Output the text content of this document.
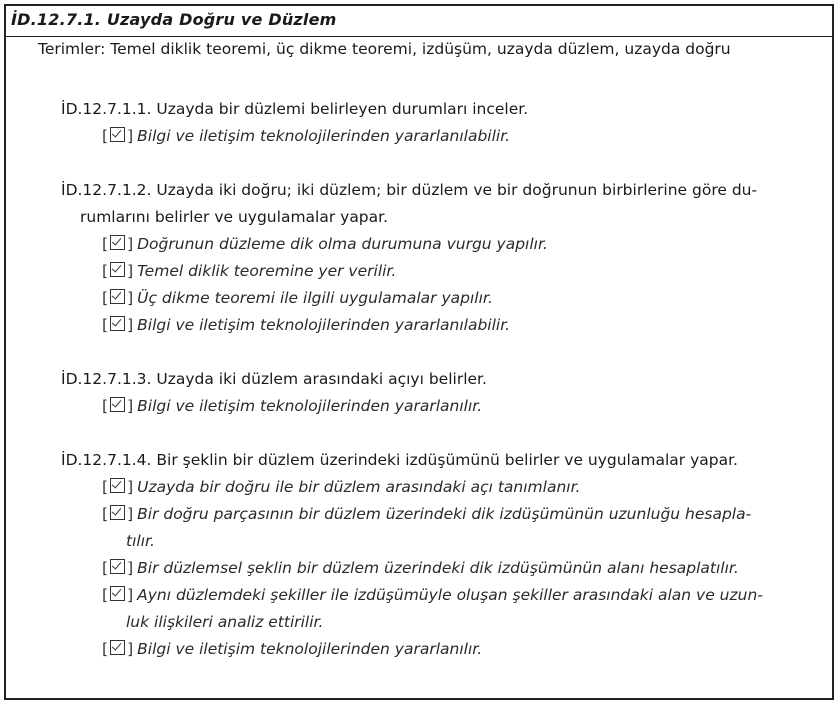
İD.12.7.1. Uzayda Doğru ve Düzlem
Terimler: Temel diklik teoremi, üç dikme teoremi, izdüşüm, uzayda düzlem, uzayda doğru
İD.12.7.1.1. Uzayda bir düzlemi belirleyen durumları inceler.
[ ] Bilgi ve iletişim teknolojilerinden yararlanılabilir.
İD.12.7.1.2. Uzayda iki doğru; iki düzlem; bir düzlem ve bir doğrunun birbirlerine göre du-
rumlarını belirler ve uygulamalar yapar.
[ ] Doğrunun düzleme dik olma durumuna vurgu yapılır.
[ ] Temel diklik teoremine yer verilir.
[ ] Üç dikme teoremi ile ilgili uygulamalar yapılır.
[ ] Bilgi ve iletişim teknolojilerinden yararlanılabilir.
İD.12.7.1.3. Uzayda iki düzlem arasındaki açıyı belirler.
[ ] Bilgi ve iletişim teknolojilerinden yararlanılır.
İD.12.7.1.4. Bir şeklin bir düzlem üzerindeki izdüşümünü belirler ve uygulamalar yapar.
[ ] Uzayda bir doğru ile bir düzlem arasındaki açı tanımlanır.
[ ] Bir doğru parçasının bir düzlem üzerindeki dik izdüşümünün uzunluğu hesapla-
tılır.
[ ] Bir düzlemsel şeklin bir düzlem üzerindeki dik izdüşümünün alanı hesaplatılır.
[ ] Aynı düzlemdeki şekiller ile izdüşümüyle oluşan şekiller arasındaki alan ve uzun-
luk ilişkileri analiz ettirilir.
[ ] Bilgi ve iletişim teknolojilerinden yararlanılır.
